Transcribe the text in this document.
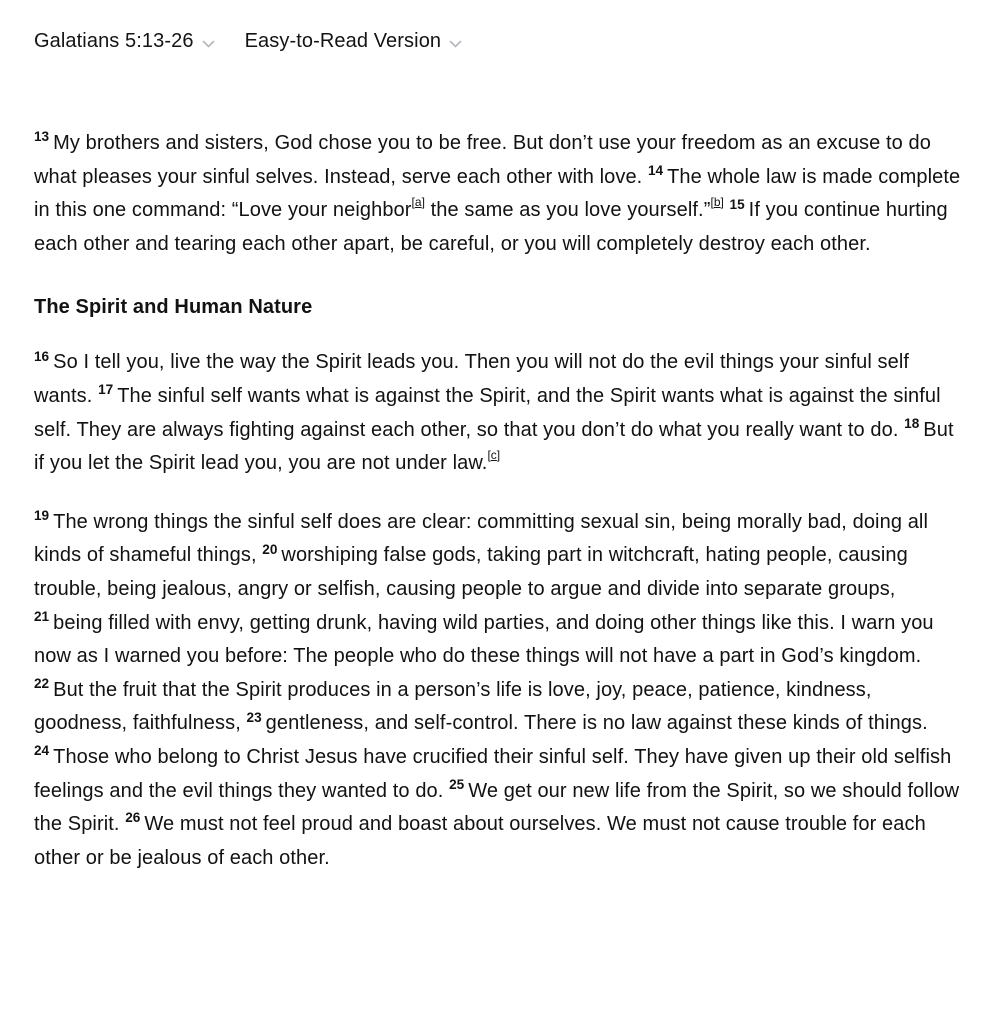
Galatians 5:13-26	Easy-to-Read Version

$^{13}$ My brothers and sisters, God chose you to be free. But don’t use your freedom as an excuse to do what pleases your sinful selves. Instead, serve each other with love. $^{14}$ The whole law is made complete in this one command: “Love your neighbor[a] the same as you love yourself.”[b] $^{15}$ If you continue hurting each other and tearing each other apart, be careful, or you will completely destroy each other.

The Spirit and Human Nature

$^{16}$ So I tell you, live the way the Spirit leads you. Then you will not do the evil things your sinful self wants. $^{17}$ The sinful self wants what is against the Spirit, and the Spirit wants what is against the sinful self. They are always fighting against each other, so that you don’t do what you really want to do. $^{18}$ But if you let the Spirit lead you, you are not under law.[c]

$^{19}$ The wrong things the sinful self does are clear: committing sexual sin, being morally bad, doing all kinds of shameful things, $^{20}$ worshiping false gods, taking part in witchcraft, hating people, causing trouble, being jealous, angry or selfish, causing people to argue and divide into separate groups, $^{21}$ being filled with envy, getting drunk, having wild parties, and doing other things like this. I warn you now as I warned you before: The people who do these things will not have a part in God’s kingdom. $^{22}$ But the fruit that the Spirit produces in a person’s life is love, joy, peace, patience, kindness, goodness, faithfulness, $^{23}$ gentleness, and self-control. There is no law against these kinds of things. $^{24}$ Those who belong to Christ Jesus have crucified their sinful self. They have given up their old selfish feelings and the evil things they wanted to do. $^{25}$ We get our new life from the Spirit, so we should follow the Spirit. $^{26}$ We must not feel proud and boast about ourselves. We must not cause trouble for each other or be jealous of each other.
